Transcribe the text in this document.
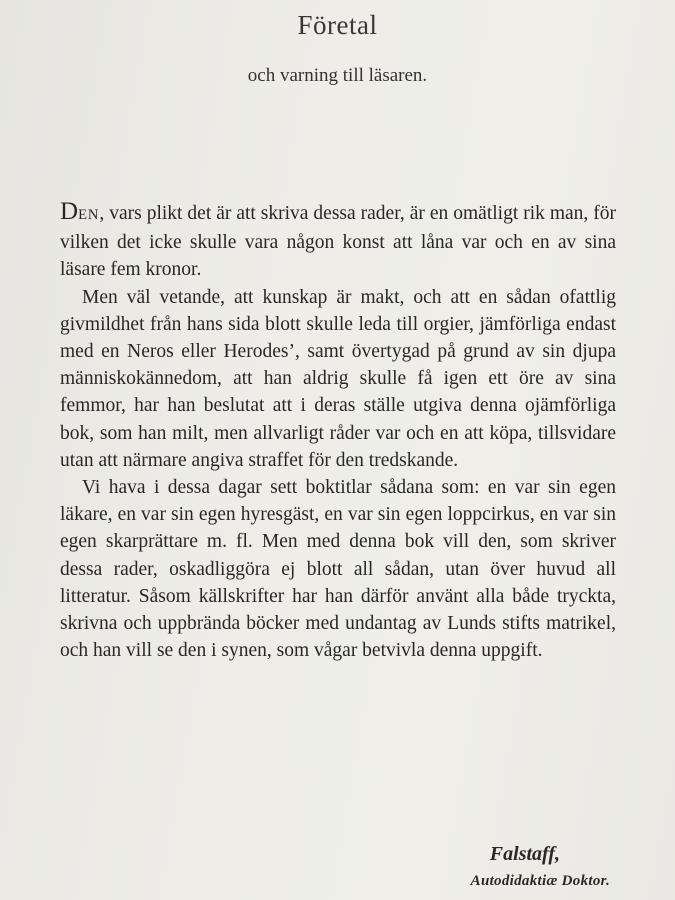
Företal
och varning till läsaren.

DEN, vars plikt det är att skriva dessa rader, är en omätligt rik man, för vilken det icke skulle vara någon konst att låna var och en av sina läsare fem kronor.

Men väl vetande, att kunskap är makt, och att en sådan ofattlig givmildhet från hans sida blott skulle leda till orgier, jämförliga endast med en Neros eller Herodes’, samt övertygad på grund av sin djupa människokännedom, att han aldrig skulle få igen ett öre av sina femmor, har han beslutat att i deras ställe utgiva denna ojämförliga bok, som han milt, men allvarligt råder var och en att köpa, tillsvidare utan att närmare angiva straffet för den tredskande.

Vi hava i dessa dagar sett boktitlar sådana som: en var sin egen läkare, en var sin egen hyresgäst, en var sin egen loppcirkus, en var sin egen skarprättare m. fl. Men med denna bok vill den, som skriver dessa rader, oskadliggöra ej blott all sådan, utan över huvud all litteratur. Såsom källskrifter har han därför använt alla både tryckta, skrivna och uppbrända böcker med undantag av Lunds stifts matrikel, och han vill se den i synen, som vågar betvivla denna uppgift.

Falstaff,
Autodidaktiæ Doktor.
